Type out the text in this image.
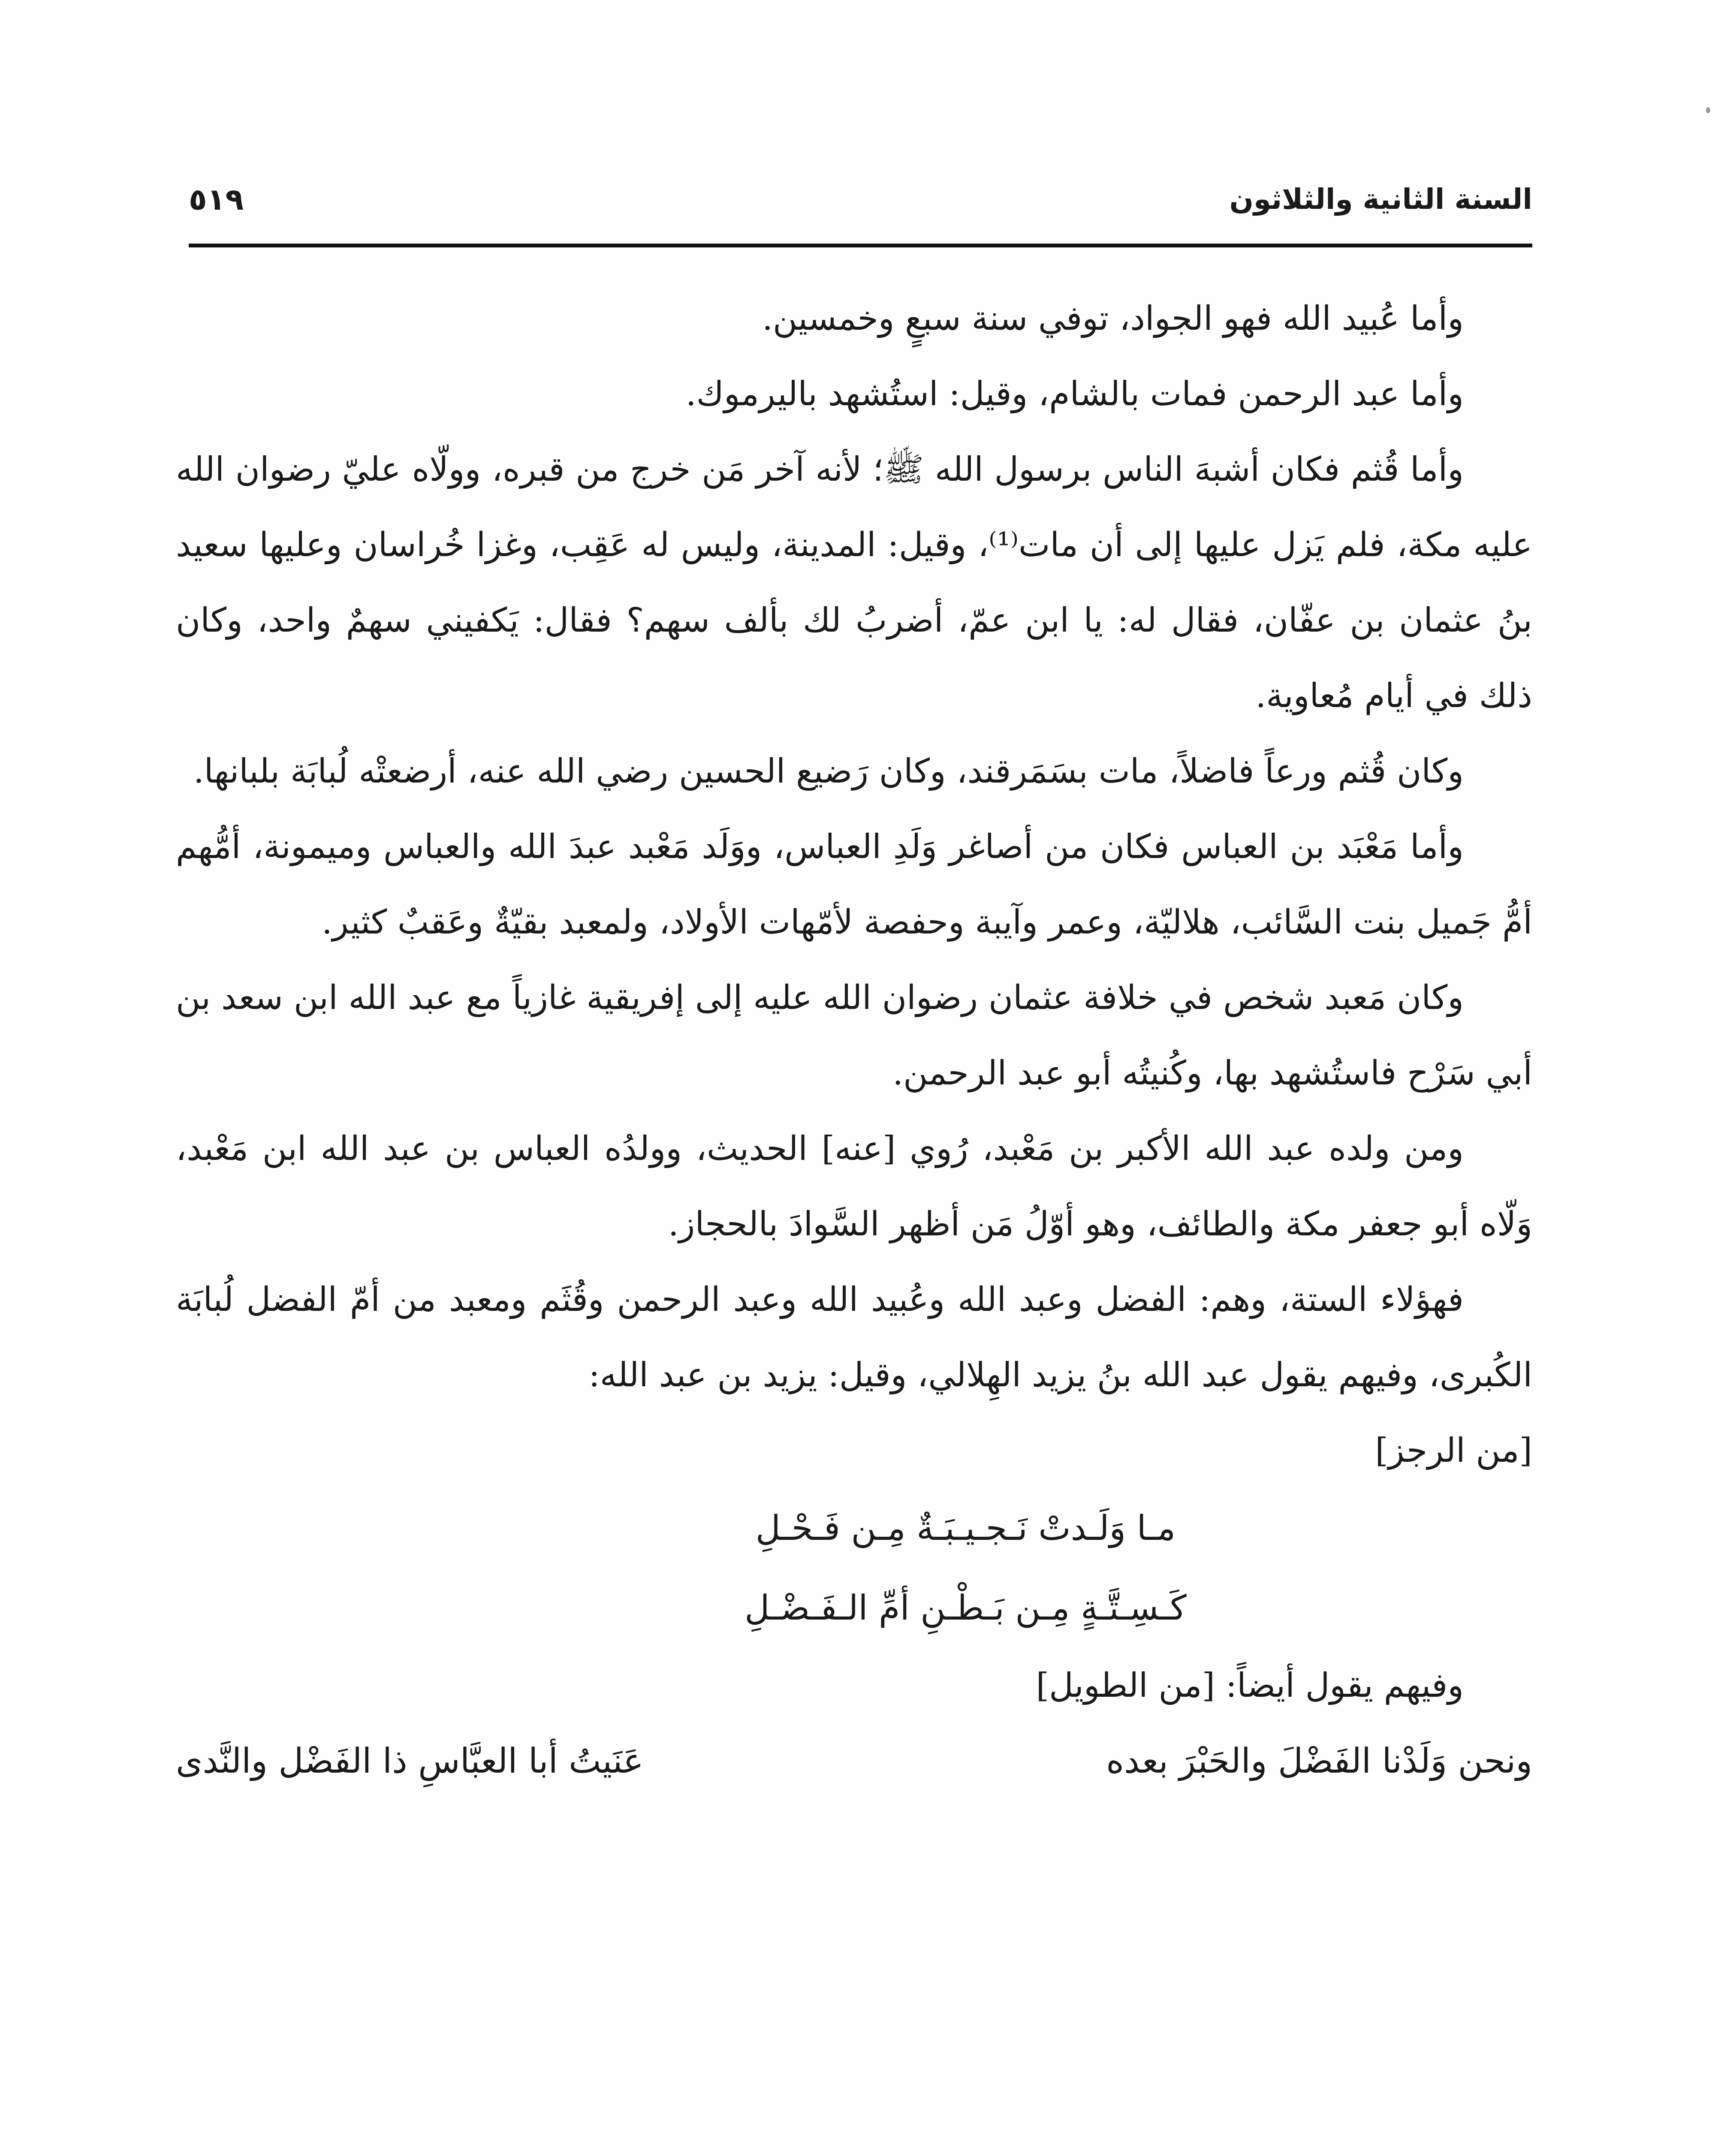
السنة الثانية والثلاثون
٥١٩

وأما عُبيد الله فهو الجواد، توفي سنة سبعٍ وخمسين.

وأما عبد الرحمن فمات بالشام، وقيل: استُشهد باليرموك.

وأما قُثم فكان أشبهَ الناس برسول الله ﷺ؛ لأنه آخر مَن خرج من قبره، وولّاه عليّ رضوان الله عليه مكة، فلم يَزل عليها إلى أن مات⁽¹⁾، وقيل: المدينة، وليس له عَقِب، وغزا خُراسان وعليها سعيد بنُ عثمان بن عفّان، فقال له: يا ابن عمّ، أضربُ لك بألف سهم؟ فقال: يَكفيني سهمٌ واحد، وكان ذلك في أيام مُعاوية.

وكان قُثم ورعاً فاضلاً، مات بسَمَرقند، وكان رَضيع الحسين رضي الله عنه، أرضعتْه لُبابَة بلبانها.

وأما مَعْبَد بن العباس فكان من أصاغر وَلَدِ العباس، ووَلَد مَعْبد عبدَ الله والعباس وميمونة، أمُّهم أمُّ جَميل بنت السَّائب، هلاليّة، وعمر وآيبة وحفصة لأمّهات الأولاد، ولمعبد بقيّةٌ وعَقبٌ كثير.

وكان مَعبد شخص في خلافة عثمان رضوان الله عليه إلى إفريقية غازياً مع عبد الله ابن سعد بن أبي سَرْح فاستُشهد بها، وكُنيتُه أبو عبد الرحمن.

ومن ولده عبد الله الأكبر بن مَعْبد، رُوي [عنه] الحديث، وولدُه العباس بن عبد الله ابن مَعْبد، وَلّاه أبو جعفر مكة والطائف، وهو أوّلُ مَن أظهر السَّوادَ بالحجاز.

فهؤلاء الستة، وهم: الفضل وعبد الله وعُبيد الله وعبد الرحمن وقُثَم ومعبد من أمّ الفضل لُبابَة الكُبرى، وفيهم يقول عبد الله بنُ يزيد الهِلالي، وقيل: يزيد بن عبد الله:

[من الرجز]

مـا وَلَـدتْ نَـجـيـبَـةٌ مِـن فَـحْـلِ

كَـسِـتَّـةٍ مِـن بَـطْـنِ أمِّ الـفَـضْـلِ

وفيهم يقول أيضاً: [من الطويل]

ونحن وَلَدْنا الفَضْلَ والحَبْرَ بعده
عَنَيتُ أبا العبَّاسِ ذا الفَضْل والنَّدى
